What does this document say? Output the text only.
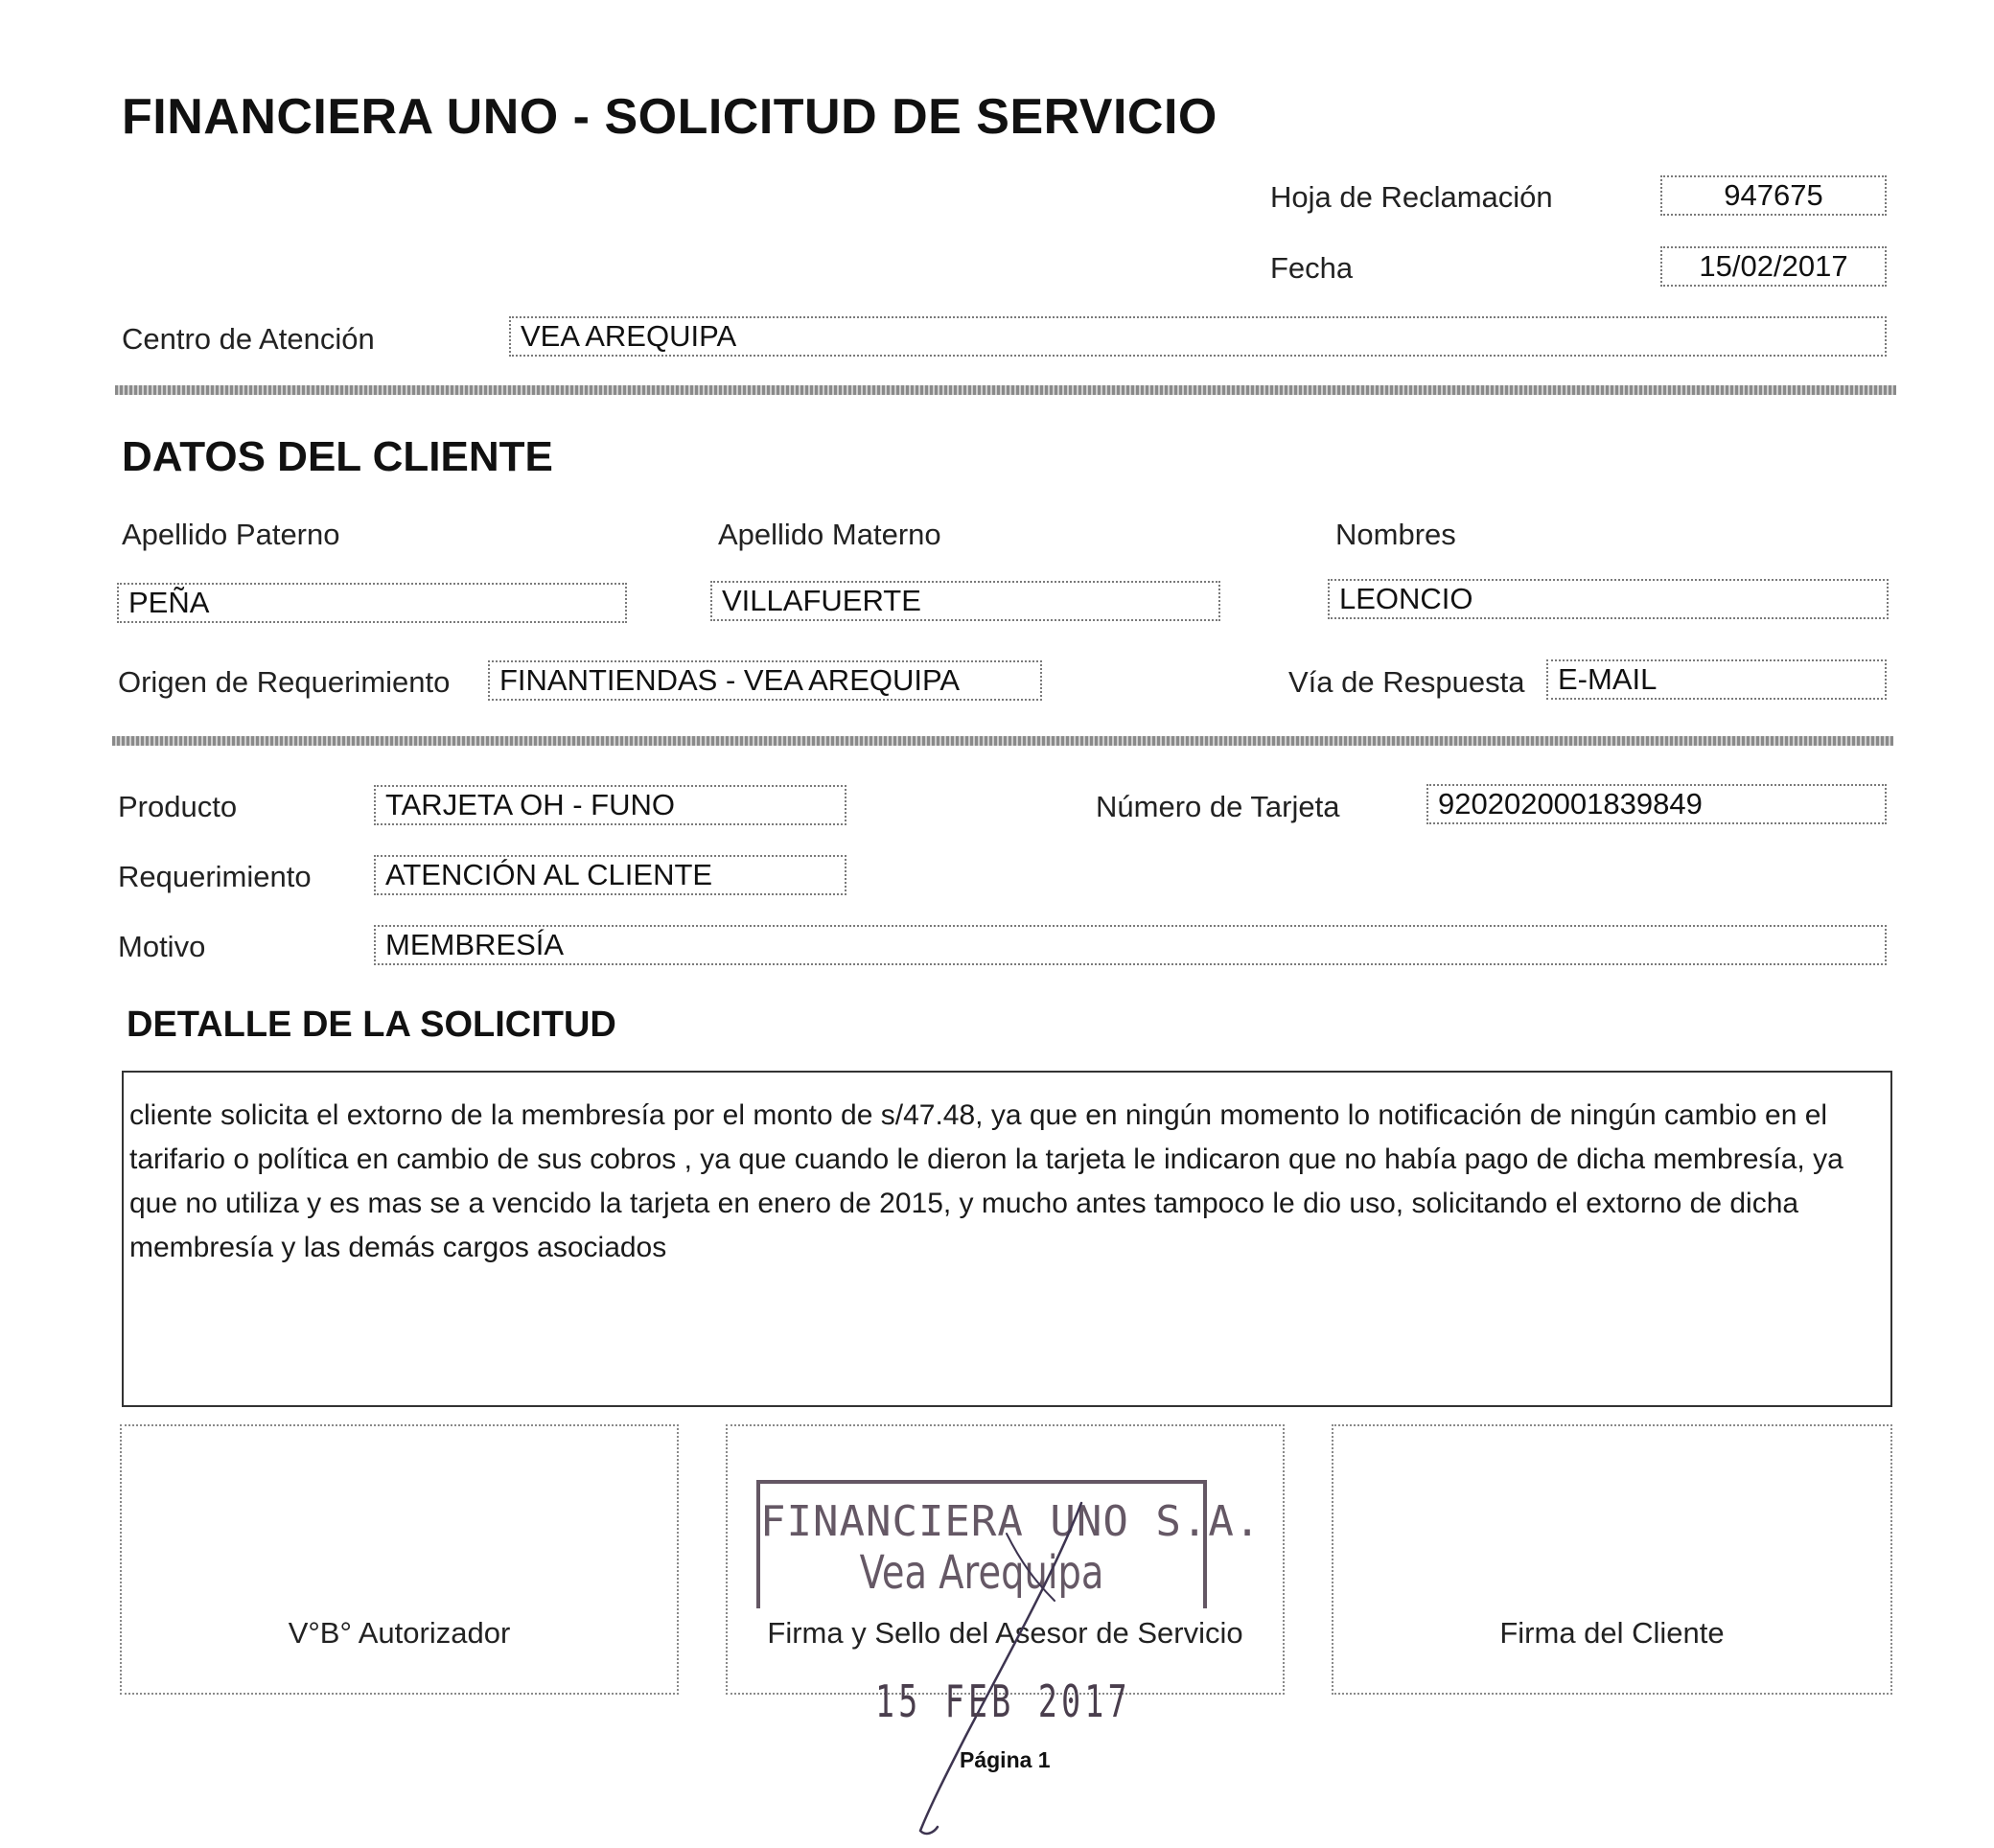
FINANCIERA UNO - SOLICITUD DE SERVICIO
Hoja de Reclamación	947675
Fecha	15/02/2017
Centro de Atención	VEA AREQUIPA
DATOS DEL CLIENTE
Apellido Paterno	Apellido Materno	Nombres
PEÑA	VILLAFUERTE	LEONCIO
Origen de Requerimiento	FINANTIENDAS - VEA AREQUIPA	Vía de Respuesta	E-MAIL
Producto	TARJETA OH - FUNO	Número de Tarjeta	9202020001839849
Requerimiento	ATENCIÓN AL CLIENTE
Motivo	MEMBRESÍA
DETALLE DE LA SOLICITUD
cliente solicita el extorno de la membresía por el monto de s/47.48, ya que en ningún momento lo notificación de ningún cambio en el tarifario o política en cambio de sus cobros , ya que cuando le dieron la tarjeta le indicaron que no había pago de dicha membresía, ya que no utiliza y es mas se a vencido la tarjeta en enero de 2015, y mucho antes tampoco le dio uso, solicitando el extorno de dicha membresía y las demás cargos asociados
V°B° Autorizador
FINANCIERA UNO S.A.
Vea Arequipa
Firma y Sello del Asesor de Servicio	Firma del Cliente
15 FEB 2017
Página 1
